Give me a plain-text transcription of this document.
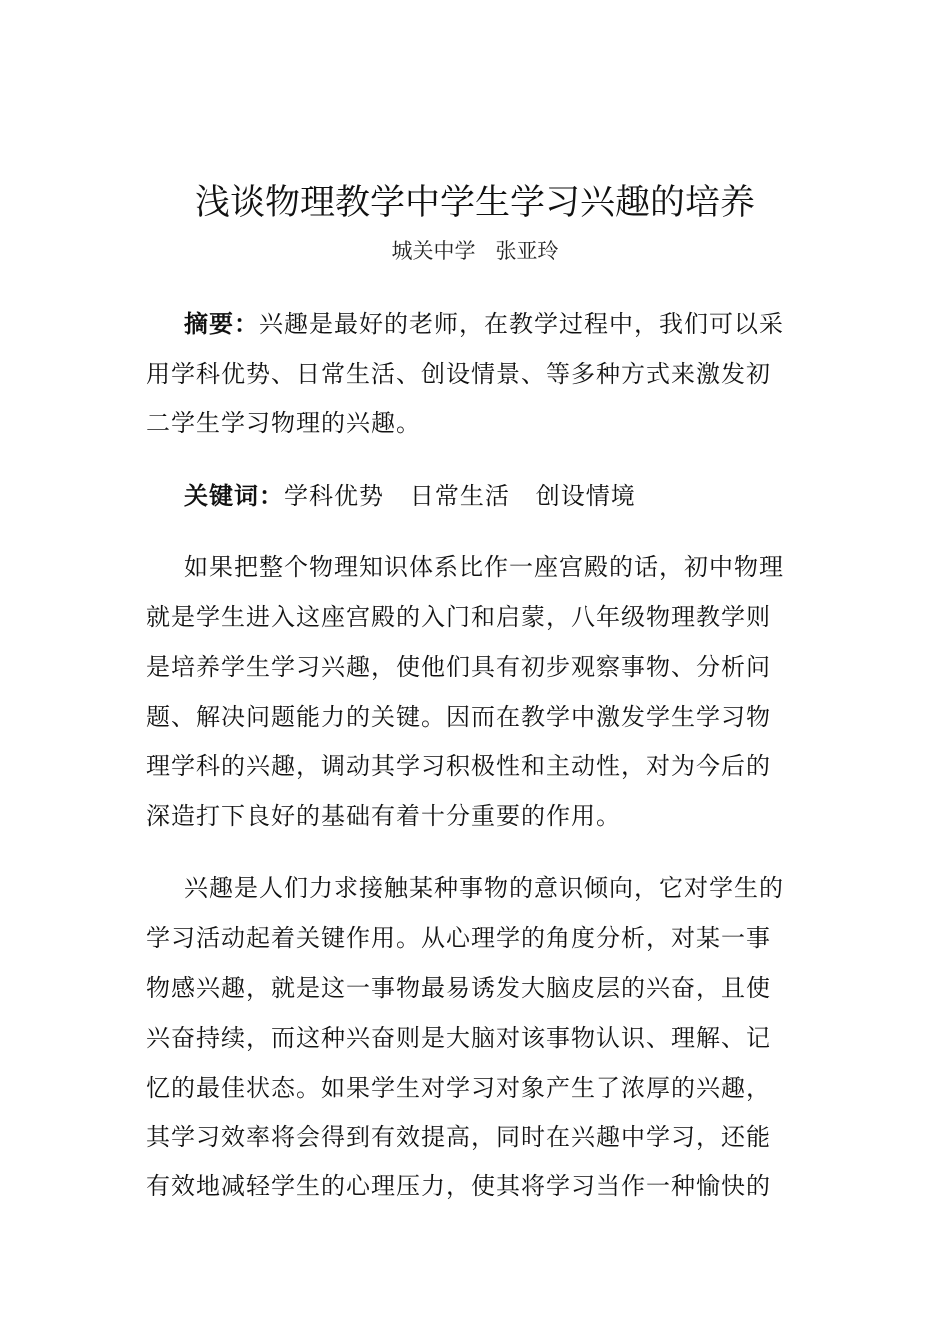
浅谈物理教学中学生学习兴趣的培养
城关中学   张亚玲
摘要：兴趣是最好的老师，在教学过程中，我们可以采
用学科优势、日常生活、创设情景、等多种方式来激发初
二学生学习物理的兴趣。
关键词：学科优势   日常生活   创设情境
如果把整个物理知识体系比作一座宫殿的话，初中物理
就是学生进入这座宫殿的入门和启蒙，八年级物理教学则
是培养学生学习兴趣，使他们具有初步观察事物、分析问
题、解决问题能力的关键。因而在教学中激发学生学习物
理学科的兴趣，调动其学习积极性和主动性，对为今后的
深造打下良好的基础有着十分重要的作用。
兴趣是人们力求接触某种事物的意识倾向，它对学生的
学习活动起着关键作用。从心理学的角度分析，对某一事
物感兴趣，就是这一事物最易诱发大脑皮层的兴奋，且使
兴奋持续，而这种兴奋则是大脑对该事物认识、理解、记
忆的最佳状态。如果学生对学习对象产生了浓厚的兴趣，
其学习效率将会得到有效提高，同时在兴趣中学习，还能
有效地减轻学生的心理压力，使其将学习当作一种愉快的
